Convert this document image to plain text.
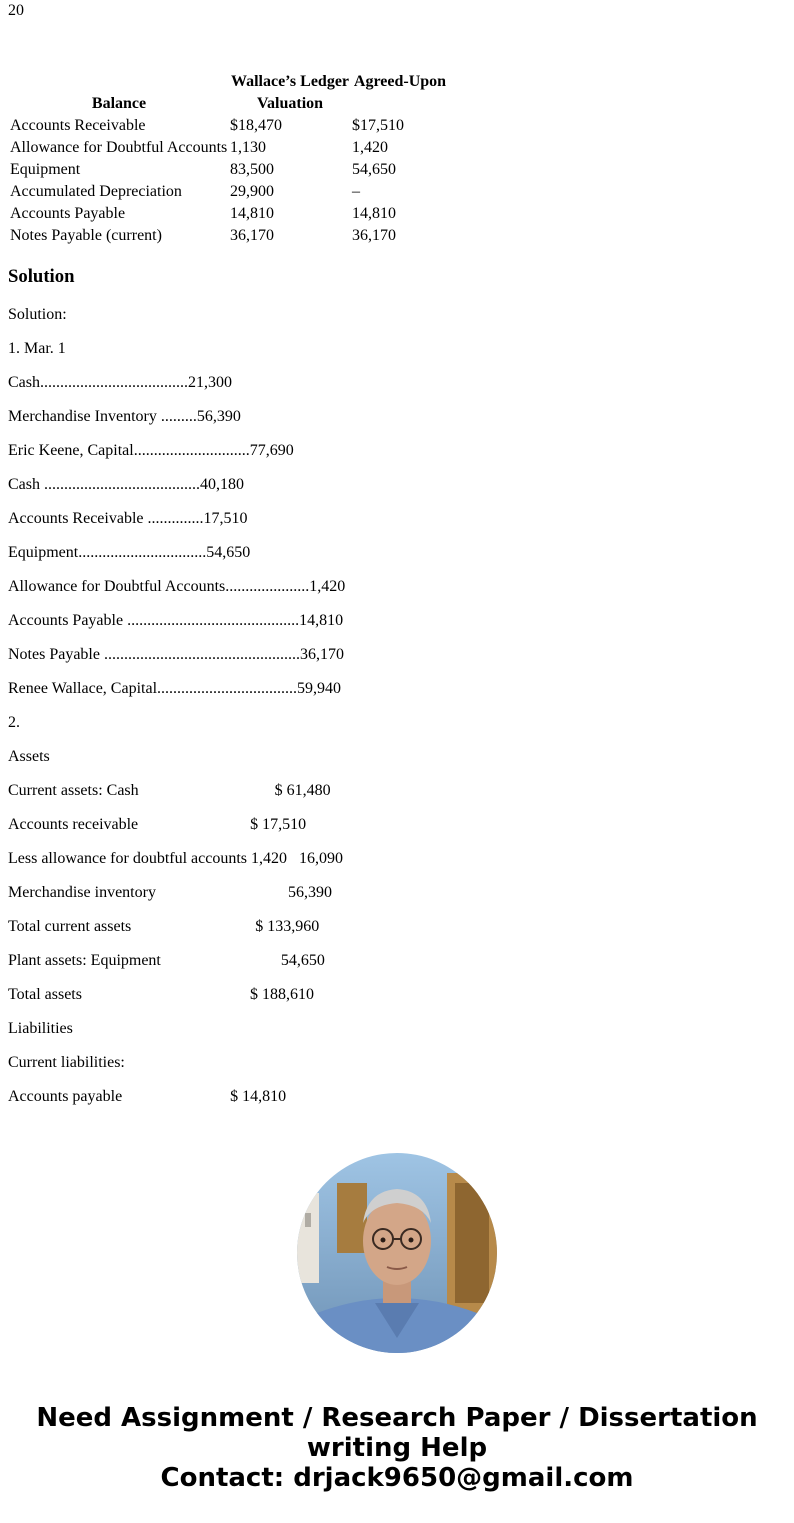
20
	Wallace’s Ledger	Agreed-Upon
Balance	Valuation	
Accounts Receivable	$18,470	$17,510
Allowance for Doubtful Accounts	1,130	1,420
Equipment	83,500	54,650
Accumulated Depreciation	29,900	–
Accounts Payable	14,810	14,810
Notes Payable (current)	36,170	36,170
Solution
Solution:
1. Mar. 1
Cash.....................................21,300
Merchandise Inventory .........56,390
Eric Keene, Capital.............................77,690
Cash .......................................40,180
Accounts Receivable ..............17,510
Equipment................................54,650
Allowance for Doubtful Accounts.....................1,420
Accounts Payable ...........................................14,810
Notes Payable .................................................36,170
Renee Wallace, Capital...................................59,940
2.
Assets
Current assets: Cash                                  $ 61,480
Accounts receivable                            $ 17,510
Less allowance for doubtful accounts 1,420   16,090
Merchandise inventory                                 56,390
Total current assets                               $ 133,960
Plant assets: Equipment                              54,650
Total assets                                          $ 188,610
Liabilities
Current liabilities:
Accounts payable                           $ 14,810

Need Assignment / Research Paper / Dissertation
writing Help
Contact: drjack9650@gmail.com
